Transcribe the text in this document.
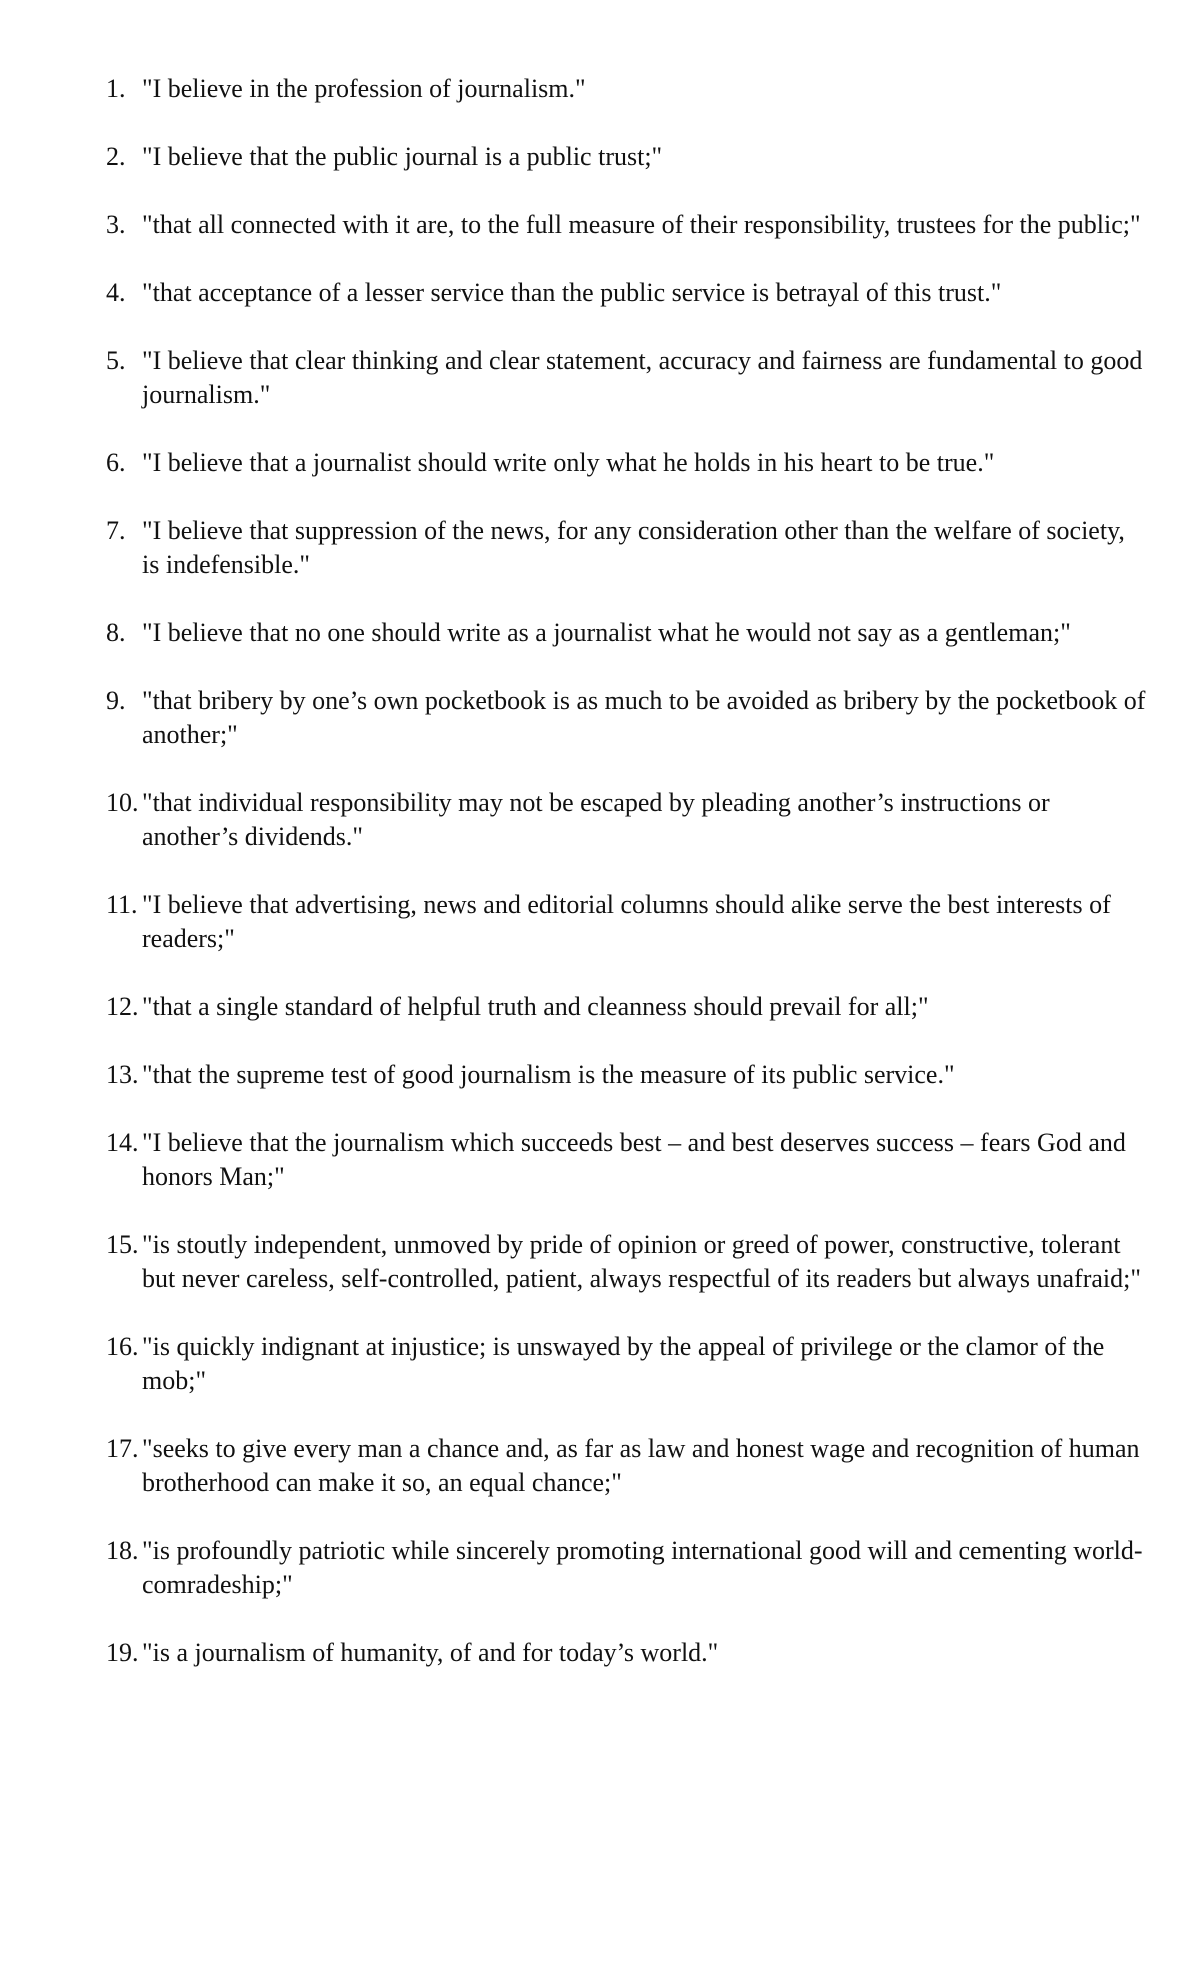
1. "I believe in the profession of journalism."
2. "I believe that the public journal is a public trust;"
3. "that all connected with it are, to the full measure of their responsibility, trustees for the public;"
4. "that acceptance of a lesser service than the public service is betrayal of this trust."
5. "I believe that clear thinking and clear statement, accuracy and fairness are fundamental to good journalism."
6. "I believe that a journalist should write only what he holds in his heart to be true."
7. "I believe that suppression of the news, for any consideration other than the welfare of society, is indefensible."
8. "I believe that no one should write as a journalist what he would not say as a gentleman;"
9. "that bribery by one’s own pocketbook is as much to be avoided as bribery by the pocketbook of another;"
10. "that individual responsibility may not be escaped by pleading another’s instructions or another’s dividends."
11. "I believe that advertising, news and editorial columns should alike serve the best interests of readers;"
12. "that a single standard of helpful truth and cleanness should prevail for all;"
13. "that the supreme test of good journalism is the measure of its public service."
14. "I believe that the journalism which succeeds best – and best deserves success – fears God and honors Man;"
15. "is stoutly independent, unmoved by pride of opinion or greed of power, constructive, tolerant but never careless, self-controlled, patient, always respectful of its readers but always unafraid;"
16. "is quickly indignant at injustice; is unswayed by the appeal of privilege or the clamor of the mob;"
17. "seeks to give every man a chance and, as far as law and honest wage and recognition of human brotherhood can make it so, an equal chance;"
18. "is profoundly patriotic while sincerely promoting international good will and cementing world-comradeship;"
19. "is a journalism of humanity, of and for today’s world."
